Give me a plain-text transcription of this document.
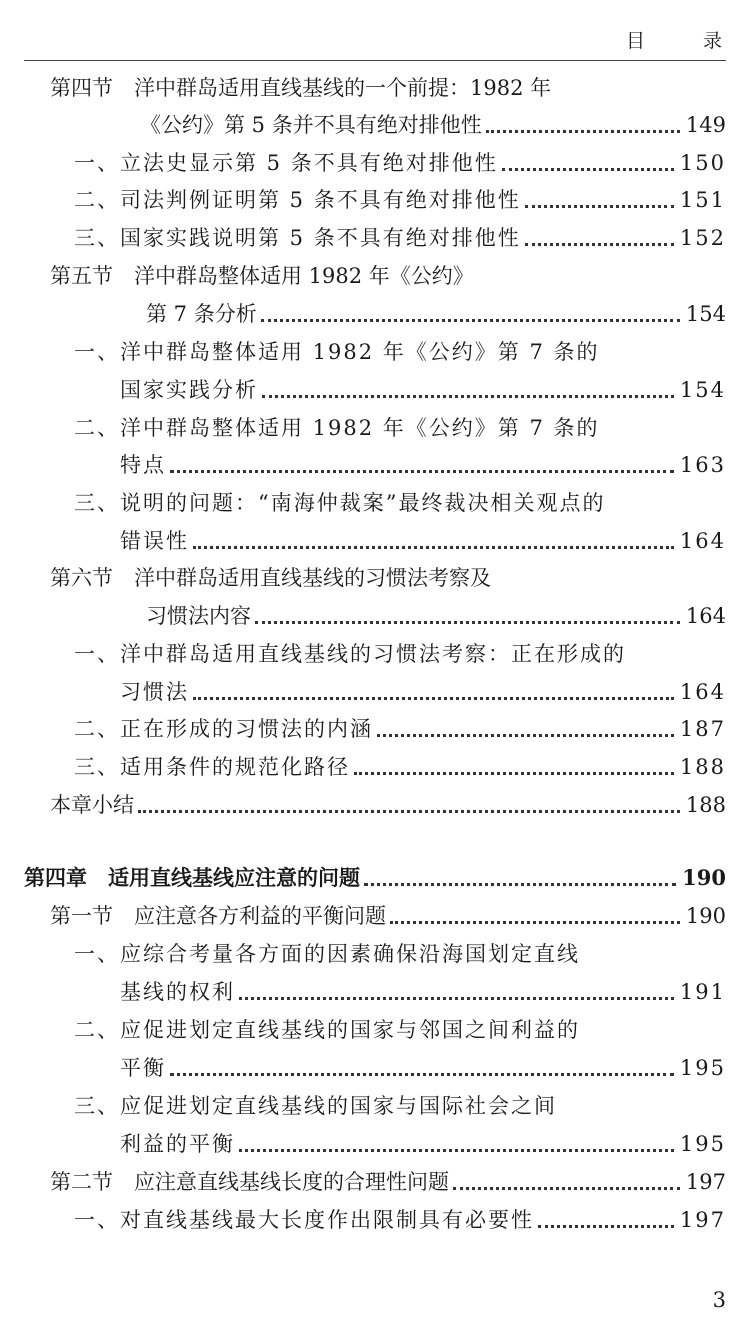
目 录
第四节　洋中群岛适用直线基线的一个前提：1982 年
《公约》第 5 条并不具有绝对排他性	149
一、立法史显示第 5 条不具有绝对排他性	150
二、司法判例证明第 5 条不具有绝对排他性	151
三、国家实践说明第 5 条不具有绝对排他性	152
第五节　洋中群岛整体适用 1982 年《公约》
第 7 条分析	154
一、洋中群岛整体适用 1982 年《公约》第 7 条的
国家实践分析	154
二、洋中群岛整体适用 1982 年《公约》第 7 条的
特点	163
三、说明的问题：“南海仲裁案”最终裁决相关观点的
错误性	164
第六节　洋中群岛适用直线基线的习惯法考察及
习惯法内容	164
一、洋中群岛适用直线基线的习惯法考察：正在形成的
习惯法	164
二、正在形成的习惯法的内涵	187
三、适用条件的规范化路径	188
本章小结	188
第四章　适用直线基线应注意的问题	190
第一节　应注意各方利益的平衡问题	190
一、应综合考量各方面的因素确保沿海国划定直线
基线的权利	191
二、应促进划定直线基线的国家与邻国之间利益的
平衡	195
三、应促进划定直线基线的国家与国际社会之间
利益的平衡	195
第二节　应注意直线基线长度的合理性问题	197
一、对直线基线最大长度作出限制具有必要性	197
3
